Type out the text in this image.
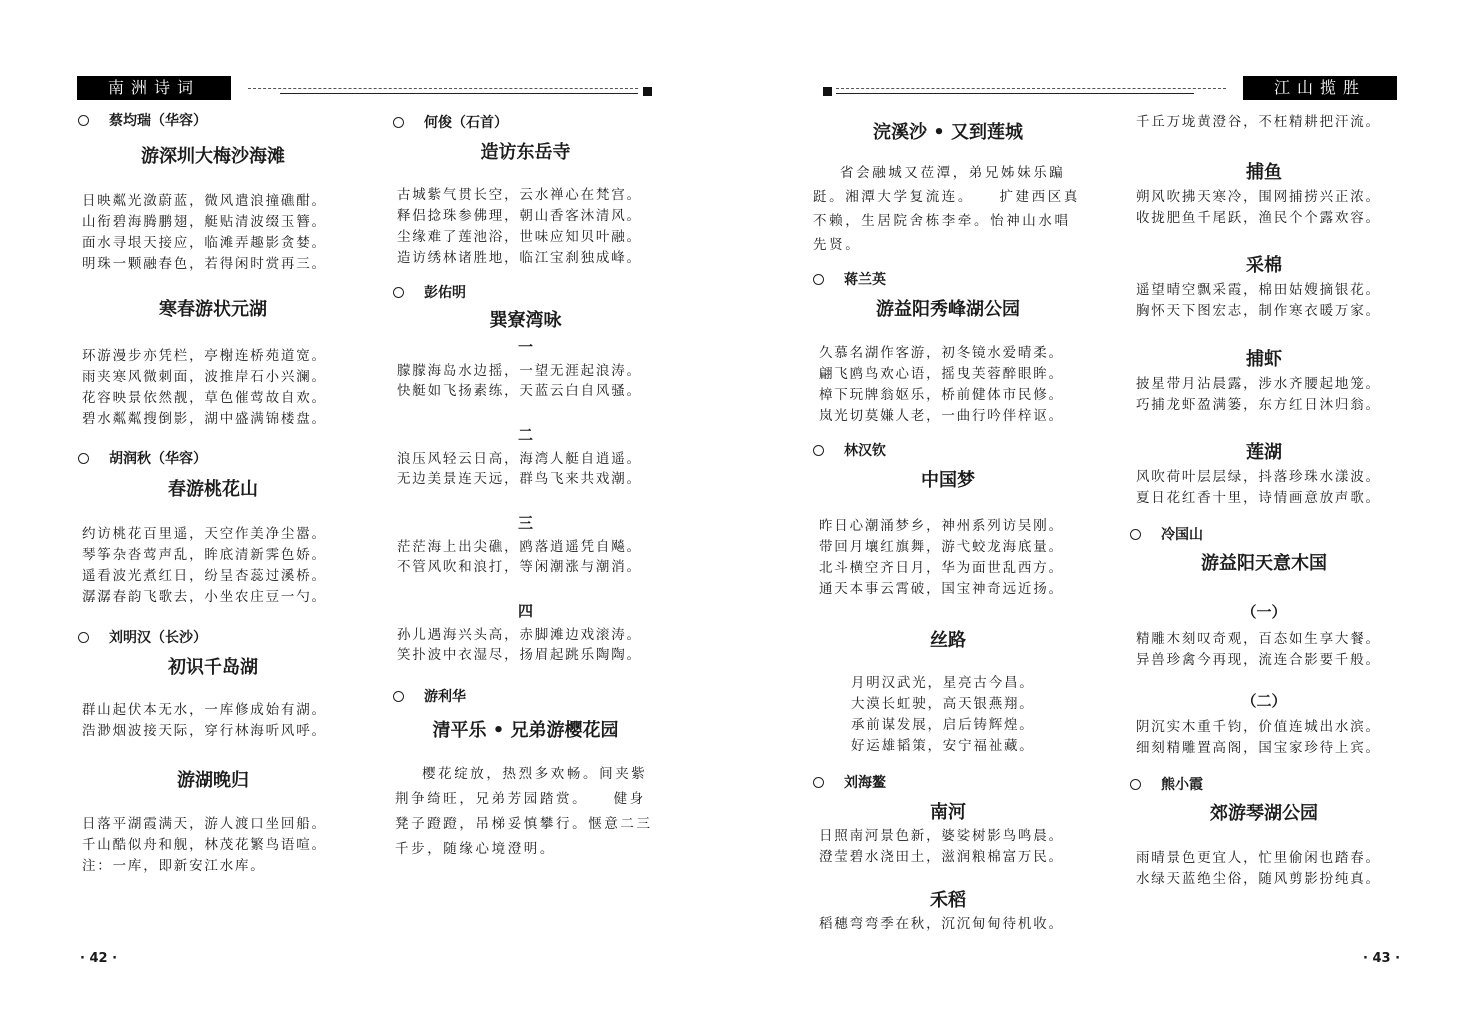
南洲诗词	江山揽胜
蔡均瑞（华容）
游深圳大梅沙海滩
日映粼光潋蔚蓝，微风遣浪撞礁酣。
山衔碧海腾鹏翅，艇贴清波缀玉簪。
面水寻垠天接应，临滩弄趣影贪婪。
明珠一颗融春色，若得闲时赏再三。
寒春游状元湖
环游漫步亦凭栏，亭榭连桥苑道宽。
雨夹寒风微刺面，波推岸石小兴澜。
花容映景依然靓，草色催莺故自欢。
碧水粼粼搜倒影，湖中盛满锦楼盘。
胡润秋（华容）
春游桃花山
约访桃花百里遥，天空作美净尘嚣。
琴筝杂沓莺声乱，眸底清新霁色娇。
遥看波光煮红日，纷呈杏蕊过溪桥。
潺潺春韵飞歌去，小坐农庄豆一勺。
刘明汉（长沙）
初识千岛湖
群山起伏本无水，一库修成始有湖。
浩渺烟波接天际，穿行林海听风呼。
游湖晚归
日落平湖霞满天，游人渡口坐回船。
千山酷似舟和舰，林茂花繁鸟语喧。
注：一库，即新安江水库。
何俊（石首）
造访东岳寺
古城紫气贯长空，云水禅心在梵宫。
释侣捻珠参佛理，朝山香客沐清风。
尘缘难了莲池浴，世味应知贝叶融。
造访绣林诸胜地，临江宝刹独成峰。
彭佑明
巽寮湾咏
一
朦朦海岛水边摇，一望无涯起浪涛。
快艇如飞扬素练，天蓝云白自风骚。
二
浪压风轻云日高，海湾人艇自逍遥。
无边美景连天远，群鸟飞来共戏潮。
三
茫茫海上出尖礁，鸥落逍遥凭自飚。
不管风吹和浪打，等闲潮涨与潮消。
四
孙儿遇海兴头高，赤脚滩边戏滚涛。
笑扑波中衣湿尽，扬眉起跳乐陶陶。
游利华
清平乐 • 兄弟游樱花园
樱花绽放，热烈多欢畅。间夹紫荆争绮旺，兄弟芳园踏赏。　　健身凳子蹬蹬，吊梯妥慎攀行。惬意二三千步，随缘心境澄明。
浣溪沙 • 又到莲城
省会融城又莅潭，弟兄姊妹乐蹁跹。湘潭大学复流连。　　扩建西区真不赖，生居院舍栋李牵。怡神山水唱先贤。
蒋兰英
游益阳秀峰湖公园
久慕名湖作客游，初冬镜水爱晴柔。
翩飞鸥鸟欢心语，摇曳芙蓉醉眼眸。
樟下玩牌翁妪乐，桥前健体市民修。
岚光切莫嫌人老，一曲行吟伴梓讴。
林汉钦
中国梦
昨日心潮涌梦乡，神州系列访吴刚。
带回月壤红旗舞，游弋蛟龙海底量。
北斗横空齐日月，华为面世乱西方。
通天本事云霄破，国宝神奇远近扬。
丝路
月明汉武光，星亮古今昌。
大漠长虹驶，高天银燕翔。
承前谋发展，启后铸辉煌。
好运雄韬策，安宁福祉藏。
刘海鳌
南河
日照南河景色新，婆娑树影鸟鸣晨。
澄莹碧水浇田土，滋润粮棉富万民。
禾稻
稻穗弯弯季在秋，沉沉甸甸待机收。
千丘万垅黄澄谷，不枉精耕把汗流。
捕鱼
朔风吹拂天寒冷，围网捕捞兴正浓。
收拢肥鱼千尾跃，渔民个个露欢容。
采棉
遥望晴空飘采霞，棉田姑嫂摘银花。
胸怀天下图宏志，制作寒衣暖万家。
捕虾
披星带月沾晨露，涉水齐腰起地笼。
巧捕龙虾盈满篓，东方红日沐归翁。
莲湖
风吹荷叶层层绿，抖落珍珠水漾波。
夏日花红香十里，诗情画意放声歌。
冷国山
游益阳天意木国
（一）
精雕木刻叹奇观，百态如生享大餐。
异兽珍禽今再现，流连合影要千般。
（二）
阴沉实木重千钧，价值连城出水滨。
细刻精雕置高阁，国宝家珍待上宾。
熊小霞
郊游琴湖公园
雨晴景色更宜人，忙里偷闲也踏春。
水绿天蓝绝尘俗，随风剪影扮纯真。
· 42 ·	· 43 ·
